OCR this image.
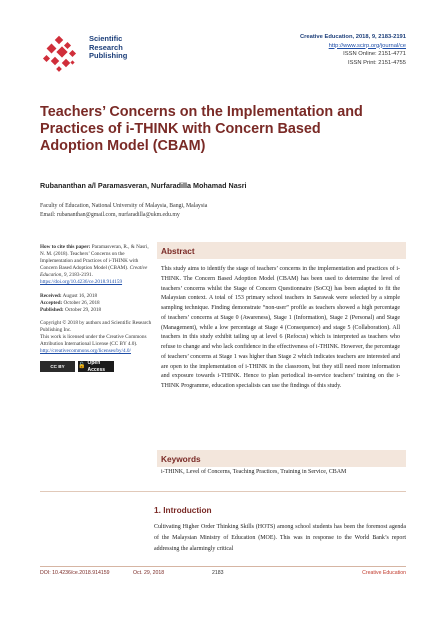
Scientific
Research
Publishing
Creative Education, 2018, 9, 2183-2191
http://www.scirp.org/journal/ce
ISSN Online: 2151-4771
ISSN Print: 2151-4755
Teachers’ Concerns on the Implementation and
Practices of i-THINK with Concern Based
Adoption Model (CBAM)
Rubananthan a/l Paramasveran, Nurfaradilla Mohamad Nasri
Faculty of Education, National University of Malaysia, Bangi, Malaysia
Email: rubananthan@gmail.com, nurfaradilla@ukm.edu.my

How to cite this paper: Paramasveran, R., & Nasri, N. M. (2018). Teachers’ Concerns on the Implementation and Practices of i-THINK with Concern Based Adoption Model (CBAM). Creative Education, 9, 2183-2191.
https://doi.org/10.4236/ce.2018.914159

Received: August 16, 2018
Accepted: October 26, 2018
Published: October 29, 2018

Copyright © 2018 by authors and Scientific Research Publishing Inc.
This work is licensed under the Creative Commons Attribution International License (CC BY 4.0).
http://creativecommons.org/licenses/by/4.0/

CC BY	🔓
Open Access
Abstract

This study aims to identify the stage of teachers’ concerns in the implementation and practices of i-THINK. The Concern Based Adoption Model (CBAM) has been used to determine the level of teachers’ concerns whilst the Stage of Concern Questionnaire (SoCQ) has been adapted to fit the Malaysian context. A total of 153 primary school teachers in Sarawak were selected by a simple sampling technique. Finding demonstrate “non-user” profile as teachers showed a high percentage of teachers’ concerns at Stage 0 (Awareness), Stage 1 (Information), Stage 2 (Personal) and Stage (Management), while a low percentage at Stage 4 (Consequence) and stage 5 (Collaboration). All teachers in this study exhibit tailing up at level 6 (Refocus) which is interpreted as teachers who refuse to change and who lack confidence in the effectiveness of i-THINK. However, the percentage of teachers’ concerns at Stage 1 was higher than Stage 2 which indicates teachers are interested and are open to the implementation of i-THINK in the classroom, but they still need more information and exposure towards i-THINK. Hence to plan periodical in-service teachers’ training on the i-THINK Programme, education specialists can use the findings of this study.

Keywords
i-THINK, Level of Concerns, Teaching Practices, Training in Service, CBAM
1. Introduction

Cultivating Higher Order Thinking Skills (HOTS) among school students has been the foremost agenda of the Malaysian Ministry of Education (MOE). This was in response to the World Bank’s report addressing the alarmingly critical

DOI: 10.4236/ce.2018.914159	Oct. 29, 2018	2183	Creative Education
